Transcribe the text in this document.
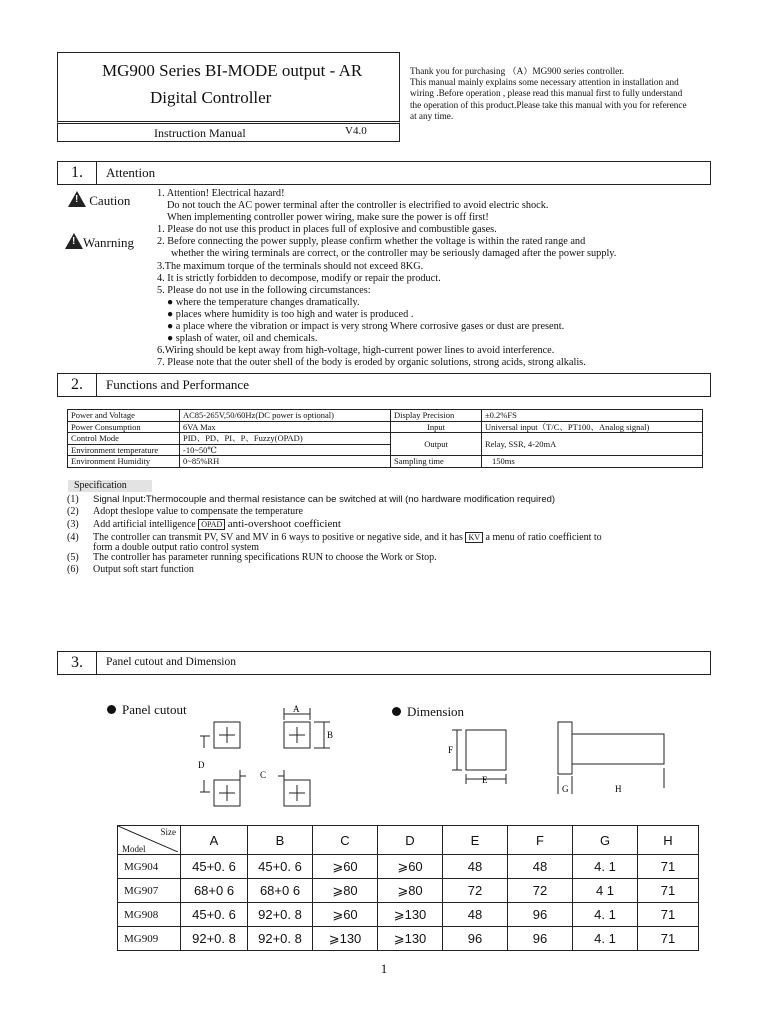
MG900 Series BI-MODE output - AR
Digital Controller
Instruction Manual	V4.0
Thank you for purchasing （A）MG900 series controller.
This manual mainly explains some necessary attention in installation and
wiring .Before operation , please read this manual first to fully understand
the operation of this product.Please take this manual with you for reference
at any time.
1.	Attention
! Caution
!Wanrning
1. Attention! Electrical hazard!
Do not touch the AC power terminal after the controller is electrified to avoid electric shock.
When implementing controller power wiring, make sure the power is off first!
1. Please do not use this product in places full of explosive and combustible gases.
2. Before connecting the power supply, please confirm whether the voltage is within the rated range and
whether the wiring terminals are correct, or the controller may be seriously damaged after the power supply.
3.The maximum torque of the terminals should not exceed 8KG.
4. It is strictly forbidden to decompose, modify or repair the product.
5. Please do not use in the following circumstances:
● where the temperature changes dramatically.
● places where humidity is too high and water is produced .
● a place where the vibration or impact is very strong Where corrosive gases or dust are present.
● splash of water, oil and chemicals.
6.Wiring should be kept away from high-voltage, high-current power lines to avoid interference.
7. Please note that the outer shell of the body is eroded by organic solutions, strong acids, strong alkalis.
2.	Functions and Performance
Power and Voltage	AC85-265V,50/60Hz(DC power is optional)	Display Precision	±0.2%FS
Power Consumption	6VA Max	Input	Universal input（T/C、PT100、Analog signal)
Control Mode	PID、PD、PI、P、Fuzzy(OPAD)	Output	Relay, SSR, 4-20mA
Environment temperature	-10~50℃		
Environment Humidity	0~85%RH	Sampling time	150ms
Specification
(1) Signal Input:Thermocouple and thermal resistance can be switched at will (no hardware modification required)
(2) Adopt theslope value to compensate the temperature
(3) Add artificial intelligence OPAD anti-overshoot coefficient
(4) The controller can transmit PV, SV and MV in 6 ways to positive or negative side, and it has KV a menu of ratio coefficient to
form a double output ratio control system
(5) The controller has parameter running specifications RUN to choose the Work or Stop.
(6) Output soft start function
3.	Panel cutout and Dimension
Panel cutout	Dimension
A
B
D
C
F
E
G	H
Size
Model	A	B	C	D	E	F	G	H
MG904	45+0. 6	45+0. 6	⩾60	⩾60	48	48	4. 1	71
MG907	68+0 6	68+0 6	⩾80	⩾80	72	72	4 1	71
MG908	45+0. 6	92+0. 8	⩾60	⩾130	48	96	4. 1	71
MG909	92+0. 8	92+0. 8	⩾130	⩾130	96	96	4. 1	71
1
